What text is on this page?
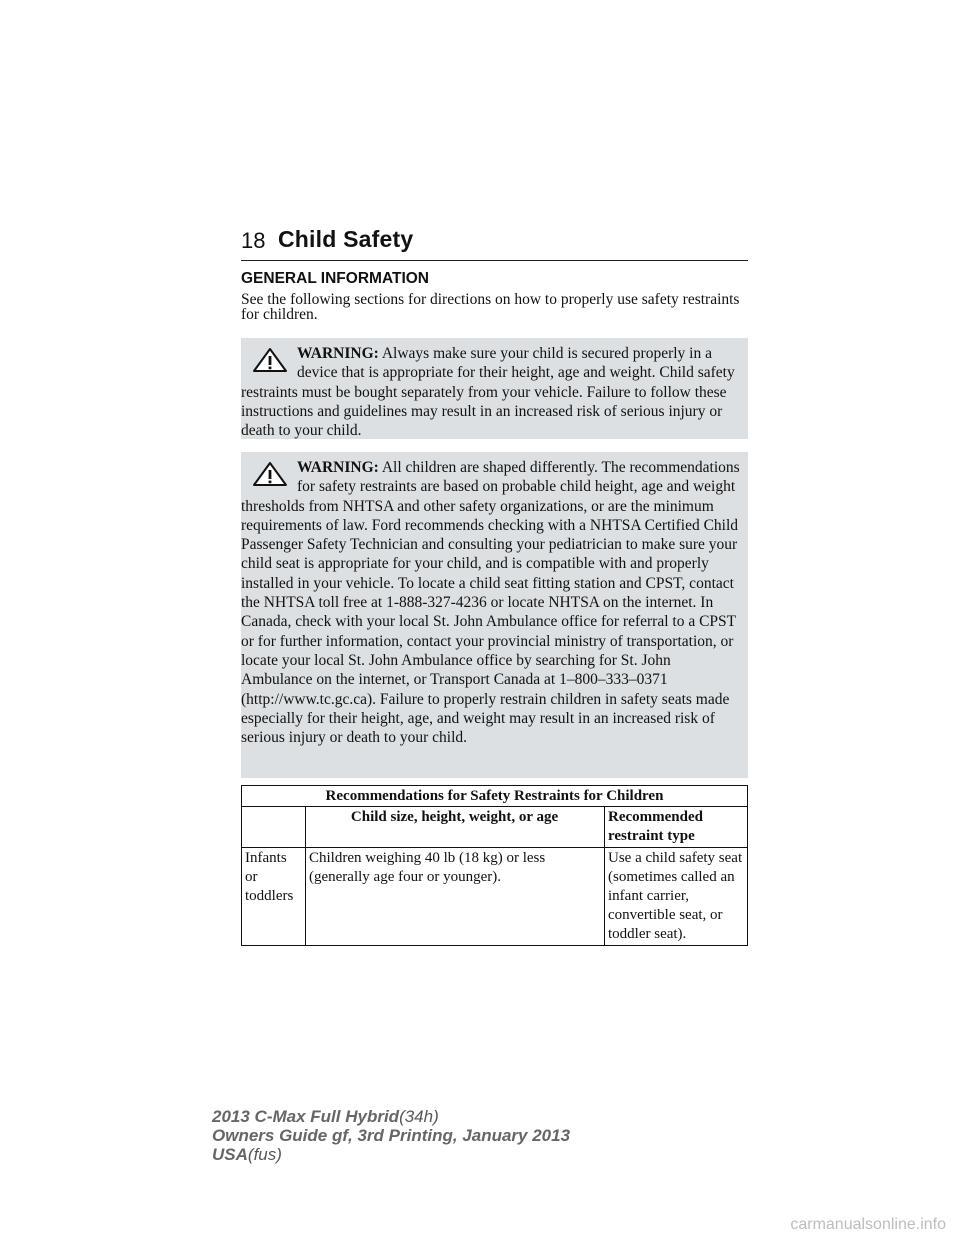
18 Child Safety
GENERAL INFORMATION
See the following sections for directions on how to properly use safety restraints for children.
WARNING: Always make sure your child is secured properly in a device that is appropriate for their height, age and weight. Child safety restraints must be bought separately from your vehicle. Failure to follow these instructions and guidelines may result in an increased risk of serious injury or death to your child.
WARNING: All children are shaped differently. The recommendations for safety restraints are based on probable child height, age and weight thresholds from NHTSA and other safety organizations, or are the minimum requirements of law. Ford recommends checking with a NHTSA Certified Child Passenger Safety Technician and consulting your pediatrician to make sure your child seat is appropriate for your child, and is compatible with and properly installed in your vehicle. To locate a child seat fitting station and CPST, contact the NHTSA toll free at 1-888-327-4236 or locate NHTSA on the internet. In Canada, check with your local St. John Ambulance office for referral to a CPST or for further information, contact your provincial ministry of transportation, or locate your local St. John Ambulance office by searching for St. John Ambulance on the internet, or Transport Canada at 1–800–333–0371 (http://www.tc.gc.ca). Failure to properly restrain children in safety seats made especially for their height, age, and weight may result in an increased risk of serious injury or death to your child.
Recommendations for Safety Restraints for Children		
	Child size, height, weight, or age	Recommended restraint type
Infants or toddlers	Children weighing 40 lb (18 kg) or less (generally age four or younger).	Use a child safety seat (sometimes called an infant carrier, convertible seat, or toddler seat).
2013 C-Max Full Hybrid(34h)
Owners Guide gf, 3rd Printing, January 2013
USA(fus)
carmanualsonline.info
